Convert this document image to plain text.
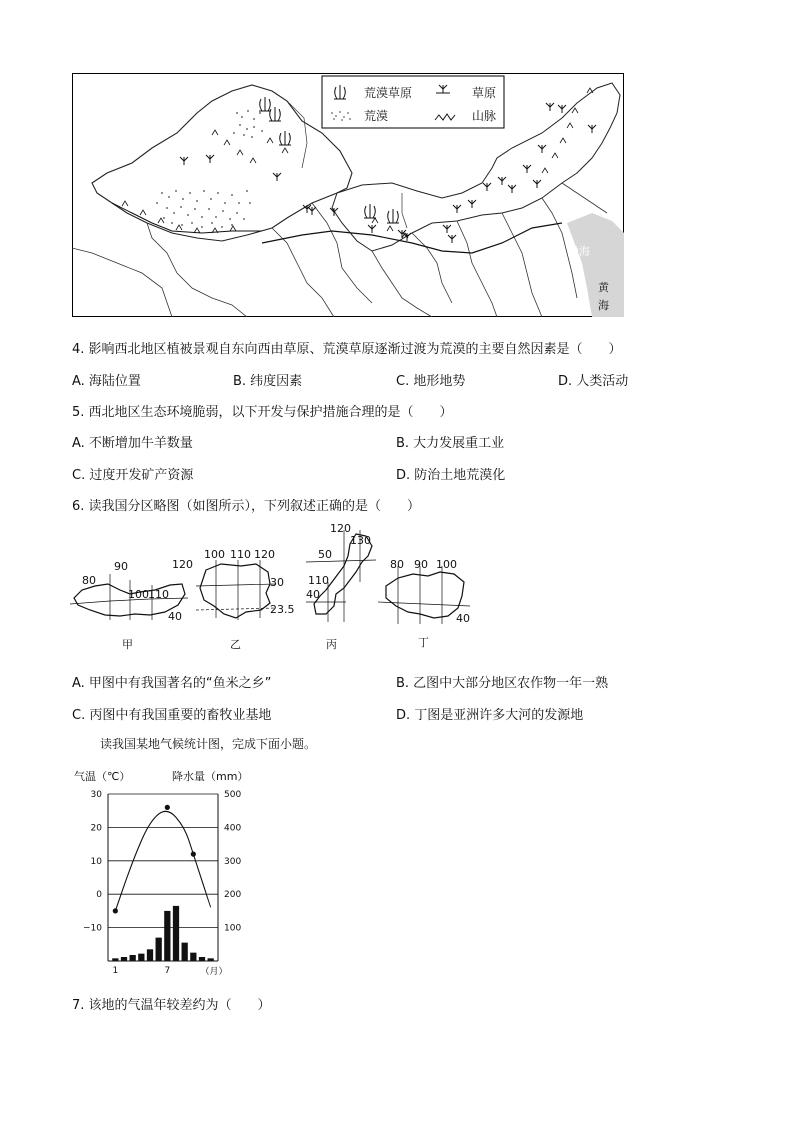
荒漠草原	草原
荒漠	山脉
渤海
黄
海
4. 影响西北地区植被景观自东向西由草原、荒漠草原逐渐过渡为荒漠的主要自然因素是（　　）
A. 海陆位置	B. 纬度因素	C. 地形地势	D. 人类活动
5. 西北地区生态环境脆弱，以下开发与保护措施合理的是（　　）
A. 不断增加牛羊数量	B. 大力发展重工业
C. 过度开发矿产资源	D. 防治土地荒漠化
6. 读我国分区略图（如图所示），下列叙述正确的是（　　）
80
90
100 110
120
40
甲
100 110 120
30
23.5
乙
120
130
50
110
40
丙
80 90 100
40
丁
A. 甲图中有我国著名的“鱼米之乡”	B. 乙图中大部分地区农作物一年一熟
C. 丙图中有我国重要的畜牧业基地	D. 丁图是亚洲许多大河的发源地
读我国某地气候统计图，完成下面小题。
气温（℃）	降水量（mm）
30
20
10
0
−10
500
400
300
200
100
1	7	（月）
7. 该地的气温年较差约为（　　）
